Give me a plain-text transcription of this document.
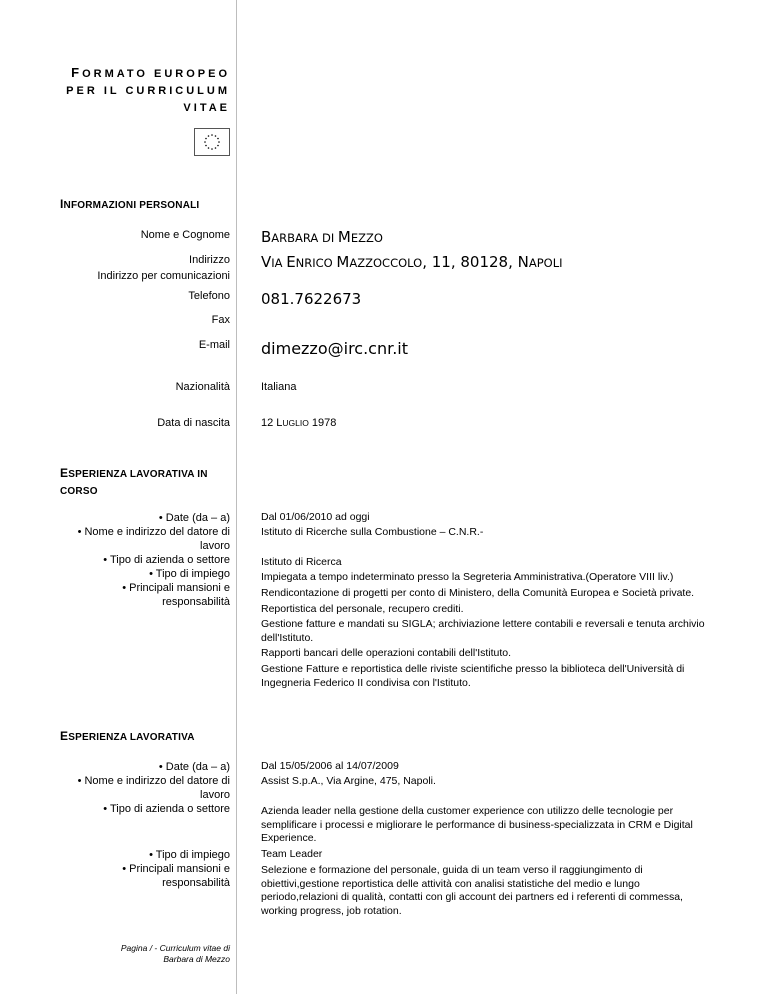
FORMATO EUROPEO
PER IL CURRICULUM
VITAE
INFORMAZIONI PERSONALI
Nome e Cognome BARBARA DI MEZZO
Indirizzo
Indirizzo per comunicazioni
VIA ENRICO MAZZOCCOLO, 11, 80128, NAPOLI
Telefono 081.7622673
Fax
E-mail dimezzo@irc.cnr.it
Nazionalità	Italiana
Data di nascita	12 LUGLIO 1978
ESPERIENZA LAVORATIVA IN
CORSO
• Date (da – a)
• Nome e indirizzo del datore di
lavoro
• Tipo di azienda o settore
• Tipo di impiego
• Principali mansioni e responsabilità
Dal 01/06/2010 ad oggi
Istituto di Ricerche sulla Combustione – C.N.R.-
Istituto di Ricerca
Impiegata a tempo indeterminato presso la Segreteria Amministrativa.(Operatore VIII liv.)
Rendicontazione di progetti per conto di Ministero, della Comunità Europea e Società private.
Reportistica del personale, recupero crediti.
Gestione fatture e mandati su SIGLA; archiviazione lettere contabili e reversali e tenuta archivio
dell'Istituto.
Rapporti bancari delle operazioni contabili dell'Istituto.
Gestione Fatture e reportistica delle riviste scientifiche presso la biblioteca dell'Università di
Ingegneria Federico II condivisa con l'Istituto.
ESPERIENZA LAVORATIVA
• Date (da – a)
• Nome e indirizzo del datore di
lavoro
• Tipo di azienda o settore
• Tipo di impiego
• Principali mansioni e responsabilità
Dal 15/05/2006 al 14/07/2009
Assist S.p.A., Via Argine, 475, Napoli.
Azienda leader nella gestione della customer experience con utilizzo delle tecnologie per
semplificare i processi e migliorare le performance di business-specializzata in CRM e Digital
Experience.
Team Leader
Selezione e formazione del personale, guida di un team verso il raggiungimento di
obiettivi,gestione reportistica delle attività con analisi statistiche del medio e lungo
periodo,relazioni di qualità, contatti con gli account dei partners ed i referenti di commessa,
working progress, job rotation.
Pagina / - Curriculum vitae di
Barbara di Mezzo
